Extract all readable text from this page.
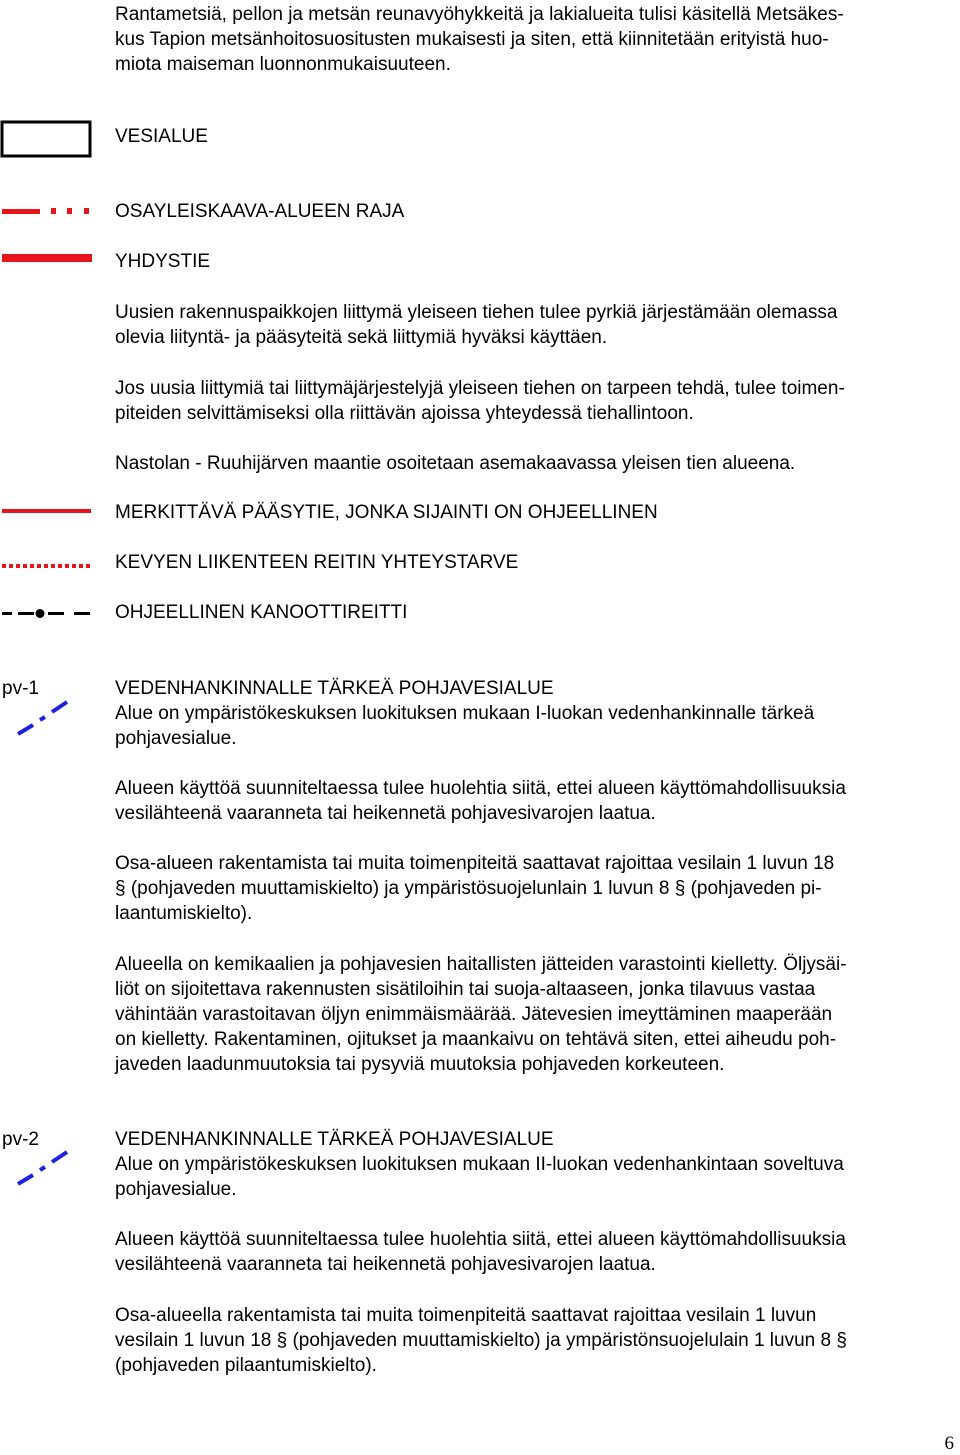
Rantametsiä, pellon ja metsän reunavyöhykkeitä ja lakialueita tulisi käsitellä Metsäkes-
kus Tapion metsänhoitosuositusten mukaisesti ja siten, että kiinnitetään erityistä huo-
miota maiseman luonnonmukaisuuteen.
VESIALUE
OSAYLEISKAAVA-ALUEEN RAJA
YHDYSTIE
Uusien rakennuspaikkojen liittymä yleiseen tiehen tulee pyrkiä järjestämään olemassa
olevia liityntä- ja pääsyteitä sekä liittymiä hyväksi käyttäen.
Jos uusia liittymiä tai liittymäjärjestelyjä yleiseen tiehen on tarpeen tehdä, tulee toimen-
piteiden selvittämiseksi olla riittävän ajoissa yhteydessä tiehallintoon.
Nastolan - Ruuhijärven maantie osoitetaan asemakaavassa yleisen tien alueena.
MERKITTÄVÄ PÄÄSYTIE, JONKA SIJAINTI ON OHJEELLINEN
KEVYEN LIIKENTEEN REITIN YHTEYSTARVE
OHJEELLINEN KANOOTTIREITTI
pv-1	VEDENHANKINNALLE TÄRKEÄ POHJAVESIALUE
Alue on ympäristökeskuksen luokituksen mukaan I-luokan vedenhankinnalle tärkeä
pohjavesialue.
Alueen käyttöä suunniteltaessa tulee huolehtia siitä, ettei alueen käyttömahdollisuuksia
vesilähteenä vaaranneta tai heikennetä pohjavesivarojen laatua.
Osa-alueen rakentamista tai muita toimenpiteitä saattavat rajoittaa vesilain 1 luvun 18
§ (pohjaveden muuttamiskielto) ja ympäristösuojelunlain 1 luvun 8 § (pohjaveden pi-
laantumiskielto).
Alueella on kemikaalien ja pohjavesien haitallisten jätteiden varastointi kielletty. Öljysäi-
liöt on sijoitettava rakennusten sisätiloihin tai suoja-altaaseen, jonka tilavuus vastaa
vähintään varastoitavan öljyn enimmäismäärää. Jätevesien imeyttäminen maaperään
on kielletty. Rakentaminen, ojitukset ja maankaivu on tehtävä siten, ettei aiheudu poh-
javeden laadunmuutoksia tai pysyviä muutoksia pohjaveden korkeuteen.
pv-2	VEDENHANKINNALLE TÄRKEÄ POHJAVESIALUE
Alue on ympäristökeskuksen luokituksen mukaan II-luokan vedenhankintaan soveltuva
pohjavesialue.
Alueen käyttöä suunniteltaessa tulee huolehtia siitä, ettei alueen käyttömahdollisuuksia
vesilähteenä vaaranneta tai heikennetä pohjavesivarojen laatua.
Osa-alueella rakentamista tai muita toimenpiteitä saattavat rajoittaa vesilain 1 luvun
vesilain 1 luvun 18 § (pohjaveden muuttamiskielto) ja ympäristönsuojelulain 1 luvun 8 §
(pohjaveden pilaantumiskielto).
6
